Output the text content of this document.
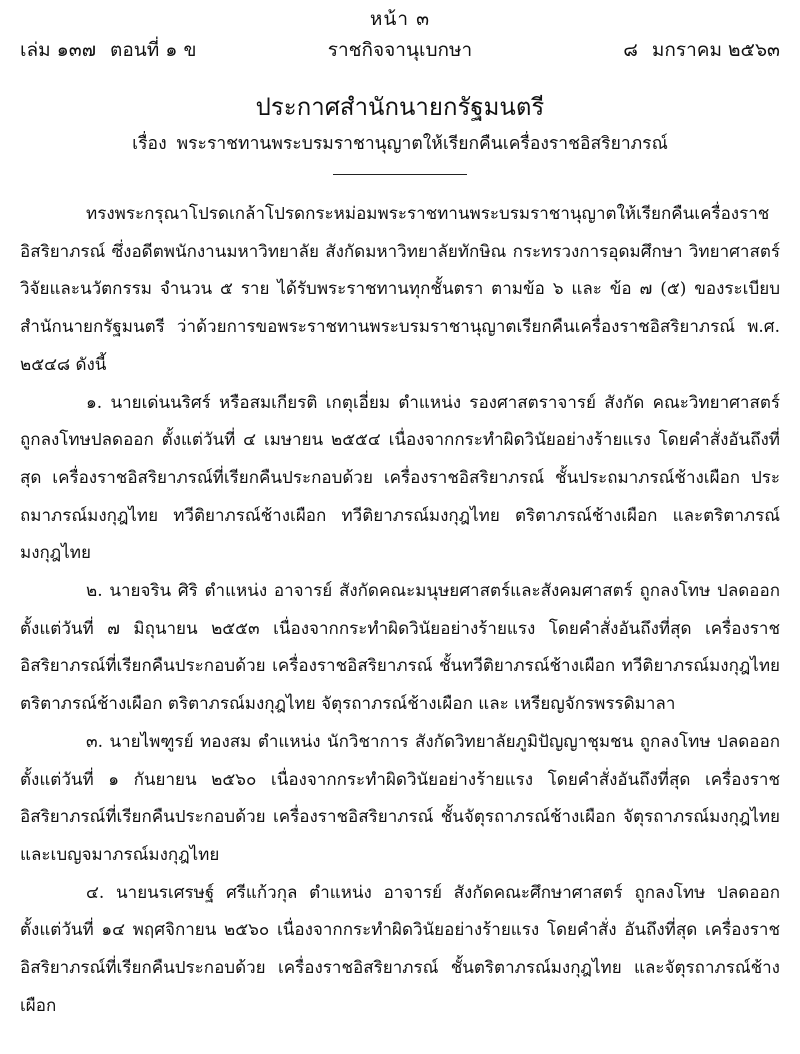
หน้า ๓
เล่ม ๑๓๗ ตอนที่ ๑ ข	ราชกิจจานุเบกษา	๘ มกราคม ๒๕๖๓
ประกาศสำนักนายกรัฐมนตรี
เรื่อง พระราชทานพระบรมราชานุญาตให้เรียกคืนเครื่องราชอิสริยาภรณ์

ทรงพระกรุณาโปรดเกล้าโปรดกระหม่อมพระราชทานพระบรมราชานุญาตให้เรียกคืนเครื่องราชอิสริยาภรณ์ ซึ่งอดีตพนักงานมหาวิทยาลัย สังกัดมหาวิทยาลัยทักษิณ กระทรวงการอุดมศึกษา วิทยาศาสตร์ วิจัยและนวัตกรรม จำนวน ๕ ราย ได้รับพระราชทานทุกชั้นตรา ตามข้อ ๖ และ ข้อ ๗ (๕) ของระเบียบสำนักนายกรัฐมนตรี ว่าด้วยการขอพระราชทานพระบรมราชานุญาตเรียกคืนเครื่องราชอิสริยาภรณ์ พ.ศ. ๒๕๔๘ ดังนี้

๑. นายเด่นนริศร์ หรือสมเกียรติ เกตุเอี่ยม ตำแหน่ง รองศาสตราจารย์ สังกัด คณะวิทยาศาสตร์ ถูกลงโทษปลดออก ตั้งแต่วันที่ ๔ เมษายน ๒๕๕๔ เนื่องจากกระทำผิดวินัยอย่างร้ายแรง โดยคำสั่งอันถึงที่สุด เครื่องราชอิสริยาภรณ์ที่เรียกคืนประกอบด้วย เครื่องราชอิสริยาภรณ์ ชั้นประถมาภรณ์ช้างเผือก ประถมาภรณ์มงกุฎไทย ทวีติยาภรณ์ช้างเผือก ทวีติยาภรณ์มงกุฎไทย ตริตาภรณ์ช้างเผือก และตริตาภรณ์มงกุฎไทย

๒. นายจริน ศิริ ตำแหน่ง อาจารย์ สังกัดคณะมนุษยศาสตร์และสังคมศาสตร์ ถูกลงโทษ ปลดออก ตั้งแต่วันที่ ๗ มิถุนายน ๒๕๕๓ เนื่องจากกระทำผิดวินัยอย่างร้ายแรง โดยคำสั่งอันถึงที่สุด เครื่องราชอิสริยาภรณ์ที่เรียกคืนประกอบด้วย เครื่องราชอิสริยาภรณ์ ชั้นทวีติยาภรณ์ช้างเผือก ทวีติยาภรณ์มงกุฎไทย ตริตาภรณ์ช้างเผือก ตริตาภรณ์มงกุฎไทย จัตุรถาภรณ์ช้างเผือก และ เหรียญจักรพรรดิมาลา

๓. นายไพฑูรย์ ทองสม ตำแหน่ง นักวิชาการ สังกัดวิทยาลัยภูมิปัญญาชุมชน ถูกลงโทษ ปลดออก ตั้งแต่วันที่ ๑ กันยายน ๒๕๖๐ เนื่องจากกระทำผิดวินัยอย่างร้ายแรง โดยคำสั่งอันถึงที่สุด เครื่องราชอิสริยาภรณ์ที่เรียกคืนประกอบด้วย เครื่องราชอิสริยาภรณ์ ชั้นจัตุรถาภรณ์ช้างเผือก จัตุรถาภรณ์มงกุฎไทย และเบญจมาภรณ์มงกุฎไทย

๔. นายนรเศรษฐ์ ศรีแก้วกุล ตำแหน่ง อาจารย์ สังกัดคณะศึกษาศาสตร์ ถูกลงโทษ ปลดออก ตั้งแต่วันที่ ๑๔ พฤศจิกายน ๒๕๖๐ เนื่องจากกระทำผิดวินัยอย่างร้ายแรง โดยคำสั่ง อันถึงที่สุด เครื่องราชอิสริยาภรณ์ที่เรียกคืนประกอบด้วย เครื่องราชอิสริยาภรณ์ ชั้นตริตาภรณ์มงกุฎไทย และจัตุรถาภรณ์ช้างเผือก
